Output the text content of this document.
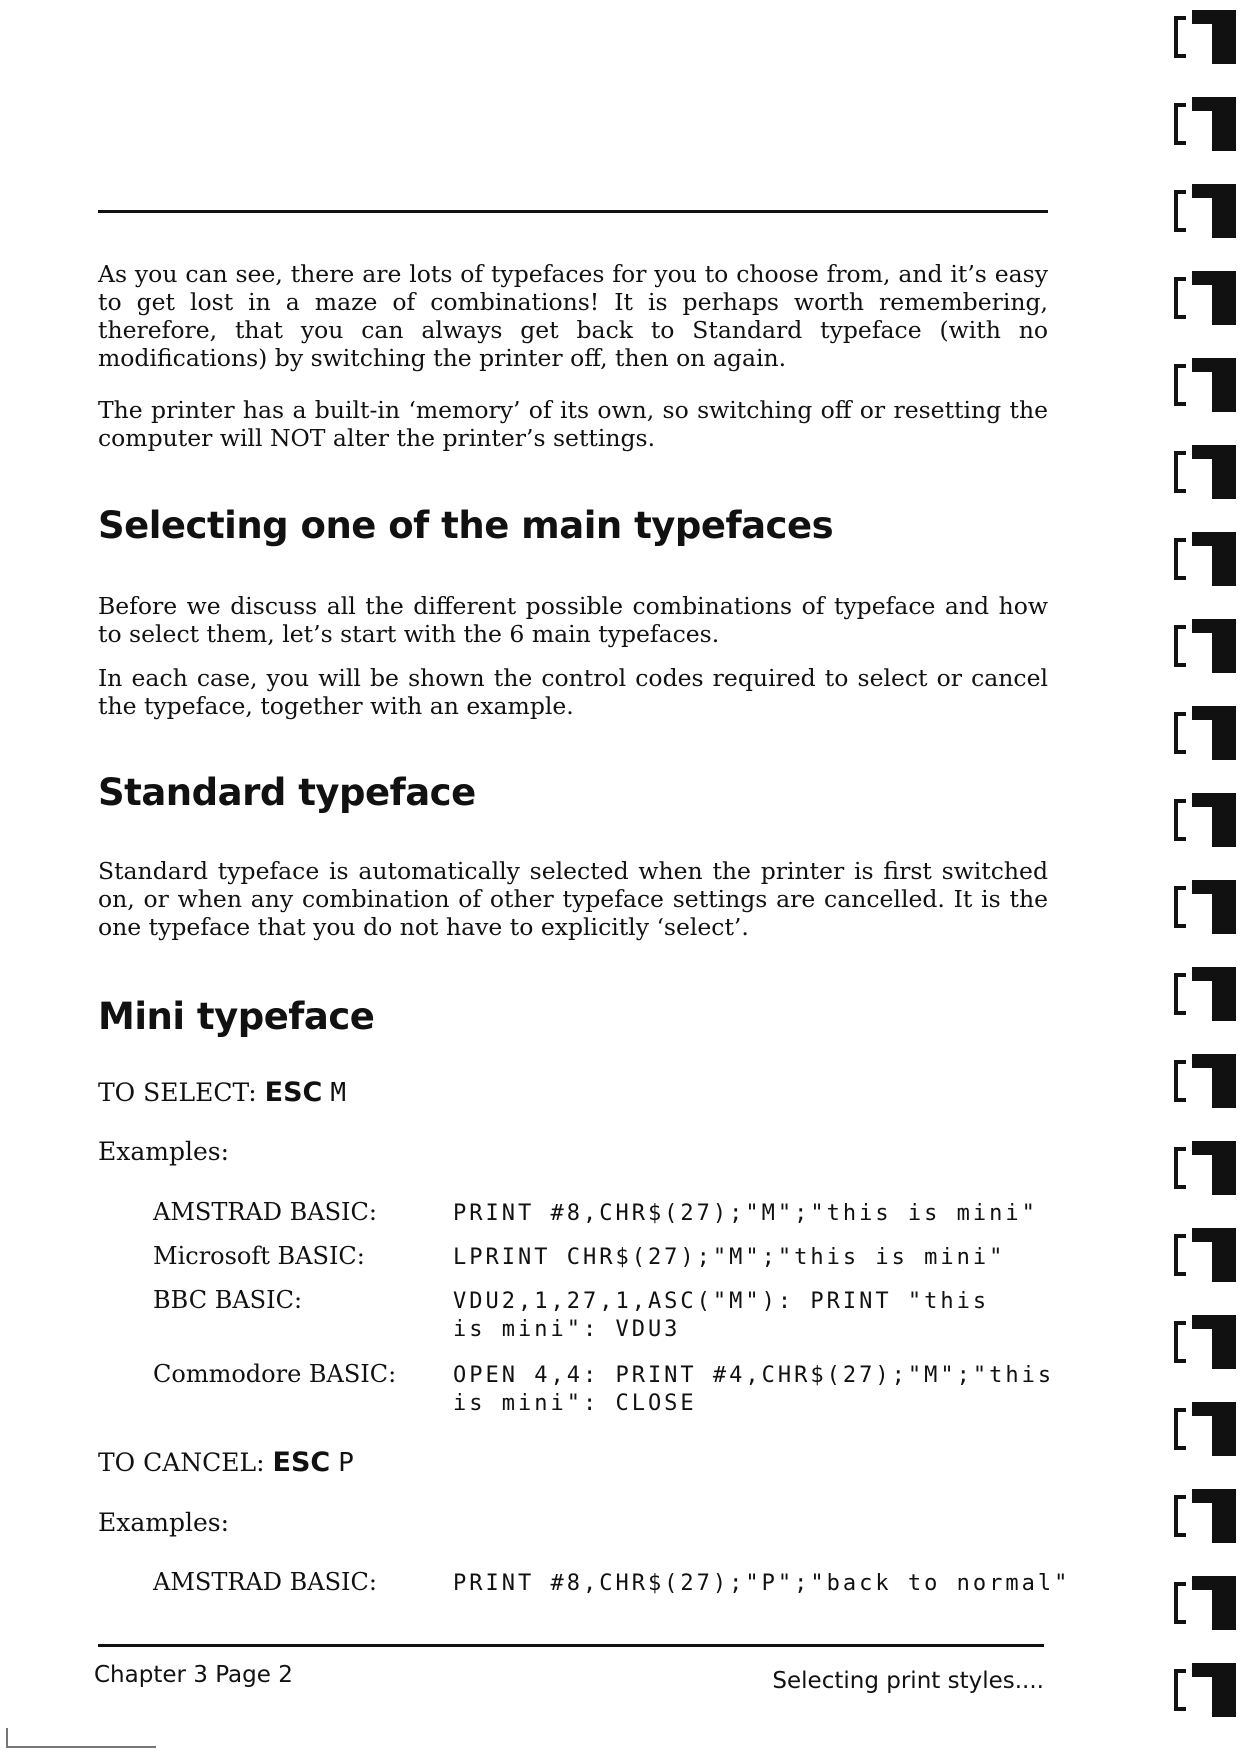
As you can see, there are lots of typefaces for you to choose from, and it’s easy to get lost in a maze of combinations! It is perhaps worth remembering, therefore, that you can always get back to Standard typeface (with no modifications) by switching the printer off, then on again.

The printer has a built-in ‘memory’ of its own, so switching off or resetting the computer will NOT alter the printer’s settings.

Selecting one of the main typefaces

Before we discuss all the different possible combinations of typeface and how to select them, let’s start with the 6 main typefaces.

In each case, you will be shown the control codes required to select or cancel the typeface, together with an example.

Standard typeface

Standard typeface is automatically selected when the printer is first switched on, or when any combination of other typeface settings are cancelled. It is the one typeface that you do not have to explicitly ‘select’.

Mini typeface
TO SELECT: ESC M
Examples:
AMSTRAD BASIC:	PRINT #8,CHR$(27);"M";"this is mini"
Microsoft BASIC:	LPRINT CHR$(27);"M";"this is mini"
BBC BASIC:	VDU2,1,27,1,ASC("M"): PRINT "this
is mini": VDU3
Commodore BASIC:	OPEN 4,4: PRINT #4,CHR$(27);"M";"this
is mini": CLOSE
TO CANCEL: ESC P
Examples:
AMSTRAD BASIC:	PRINT #8,CHR$(27);"P";"back to normal"
Chapter 3 Page 2	Selecting print styles....
